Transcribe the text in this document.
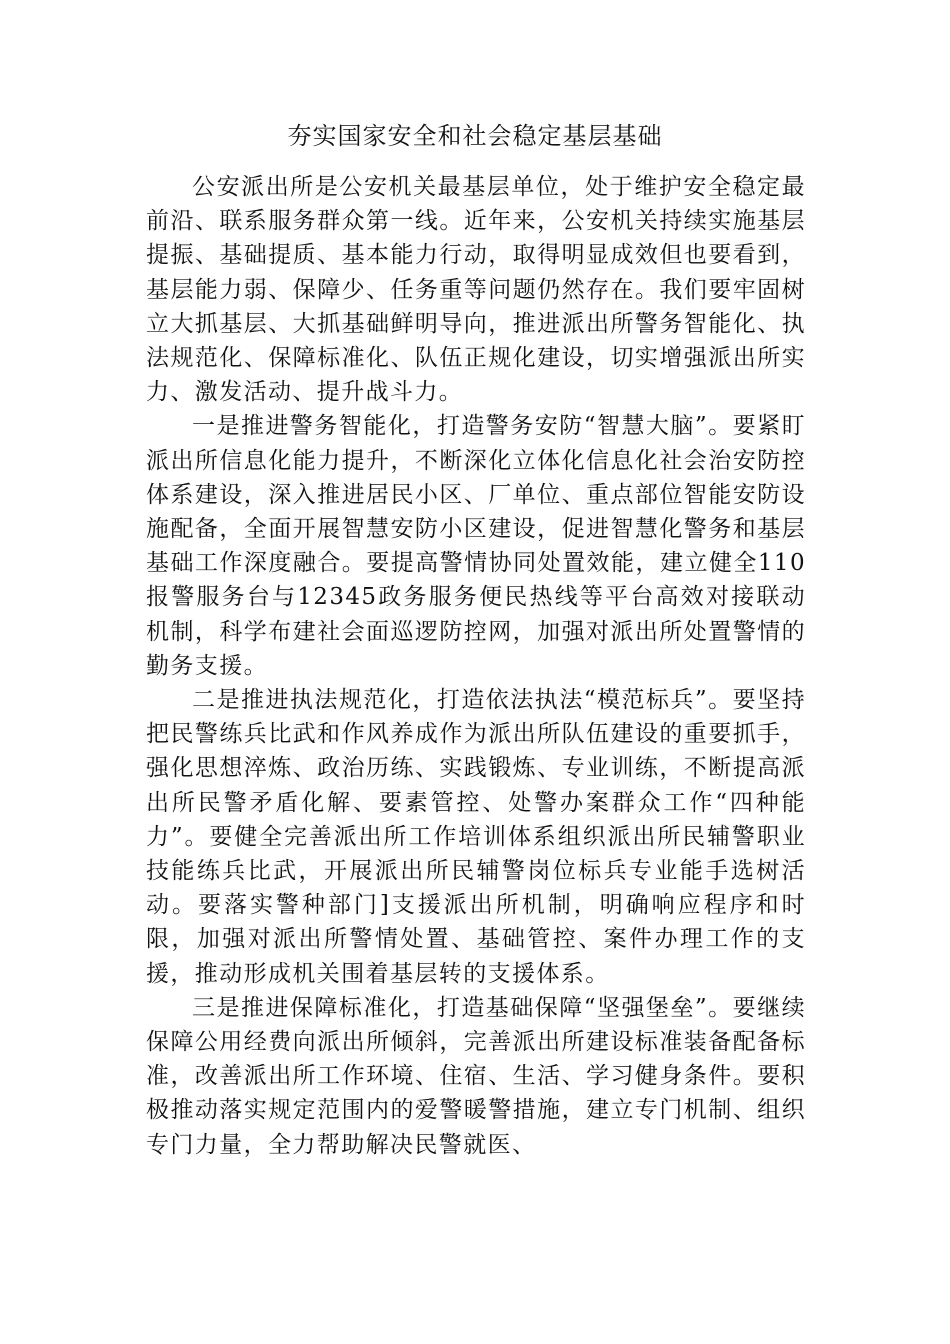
夯实国家安全和社会稳定基层基础

公安派出所是公安机关最基层单位，处于维护安全稳定最前沿、联系服务群众第一线。近年来，公安机关持续实施基层提振、基础提质、基本能力行动，取得明显成效但也要看到，基层能力弱、保障少、任务重等问题仍然存在。我们要牢固树立大抓基层、大抓基础鲜明导向，推进派出所警务智能化、执法规范化、保障标准化、队伍正规化建设，切实增强派出所实力、激发活动、提升战斗力。

一是推进警务智能化，打造警务安防“智慧大脑”。要紧盯派出所信息化能力提升，不断深化立体化信息化社会治安防控体系建设，深入推进居民小区、厂单位、重点部位智能安防设施配备，全面开展智慧安防小区建设，促进智慧化警务和基层基础工作深度融合。要提高警情协同处置效能，建立健全110报警服务台与12345政务服务便民热线等平台高效对接联动机制，科学布建社会面巡逻防控网，加强对派出所处置警情的勤务支援。

二是推进执法规范化，打造依法执法“模范标兵”。要坚持把民警练兵比武和作风养成作为派出所队伍建设的重要抓手，强化思想淬炼、政治历练、实践锻炼、专业训练，不断提高派出所民警矛盾化解、要素管控、处警办案群众工作“四种能力”。要健全完善派出所工作培训体系组织派出所民辅警职业技能练兵比武，开展派出所民辅警岗位标兵专业能手选树活动。要落实警种部门]支援派出所机制，明确响应程序和时限，加强对派出所警情处置、基础管控、案件办理工作的支援，推动形成机关围着基层转的支援体系。

三是推进保障标准化，打造基础保障“坚强堡垒”。要继续保障公用经费向派出所倾斜，完善派出所建设标准装备配备标准，改善派出所工作环境、住宿、生活、学习健身条件。要积极推动落实规定范围内的爱警暖警措施，建立专门机制、组织专门力量，全力帮助解决民警就医、
